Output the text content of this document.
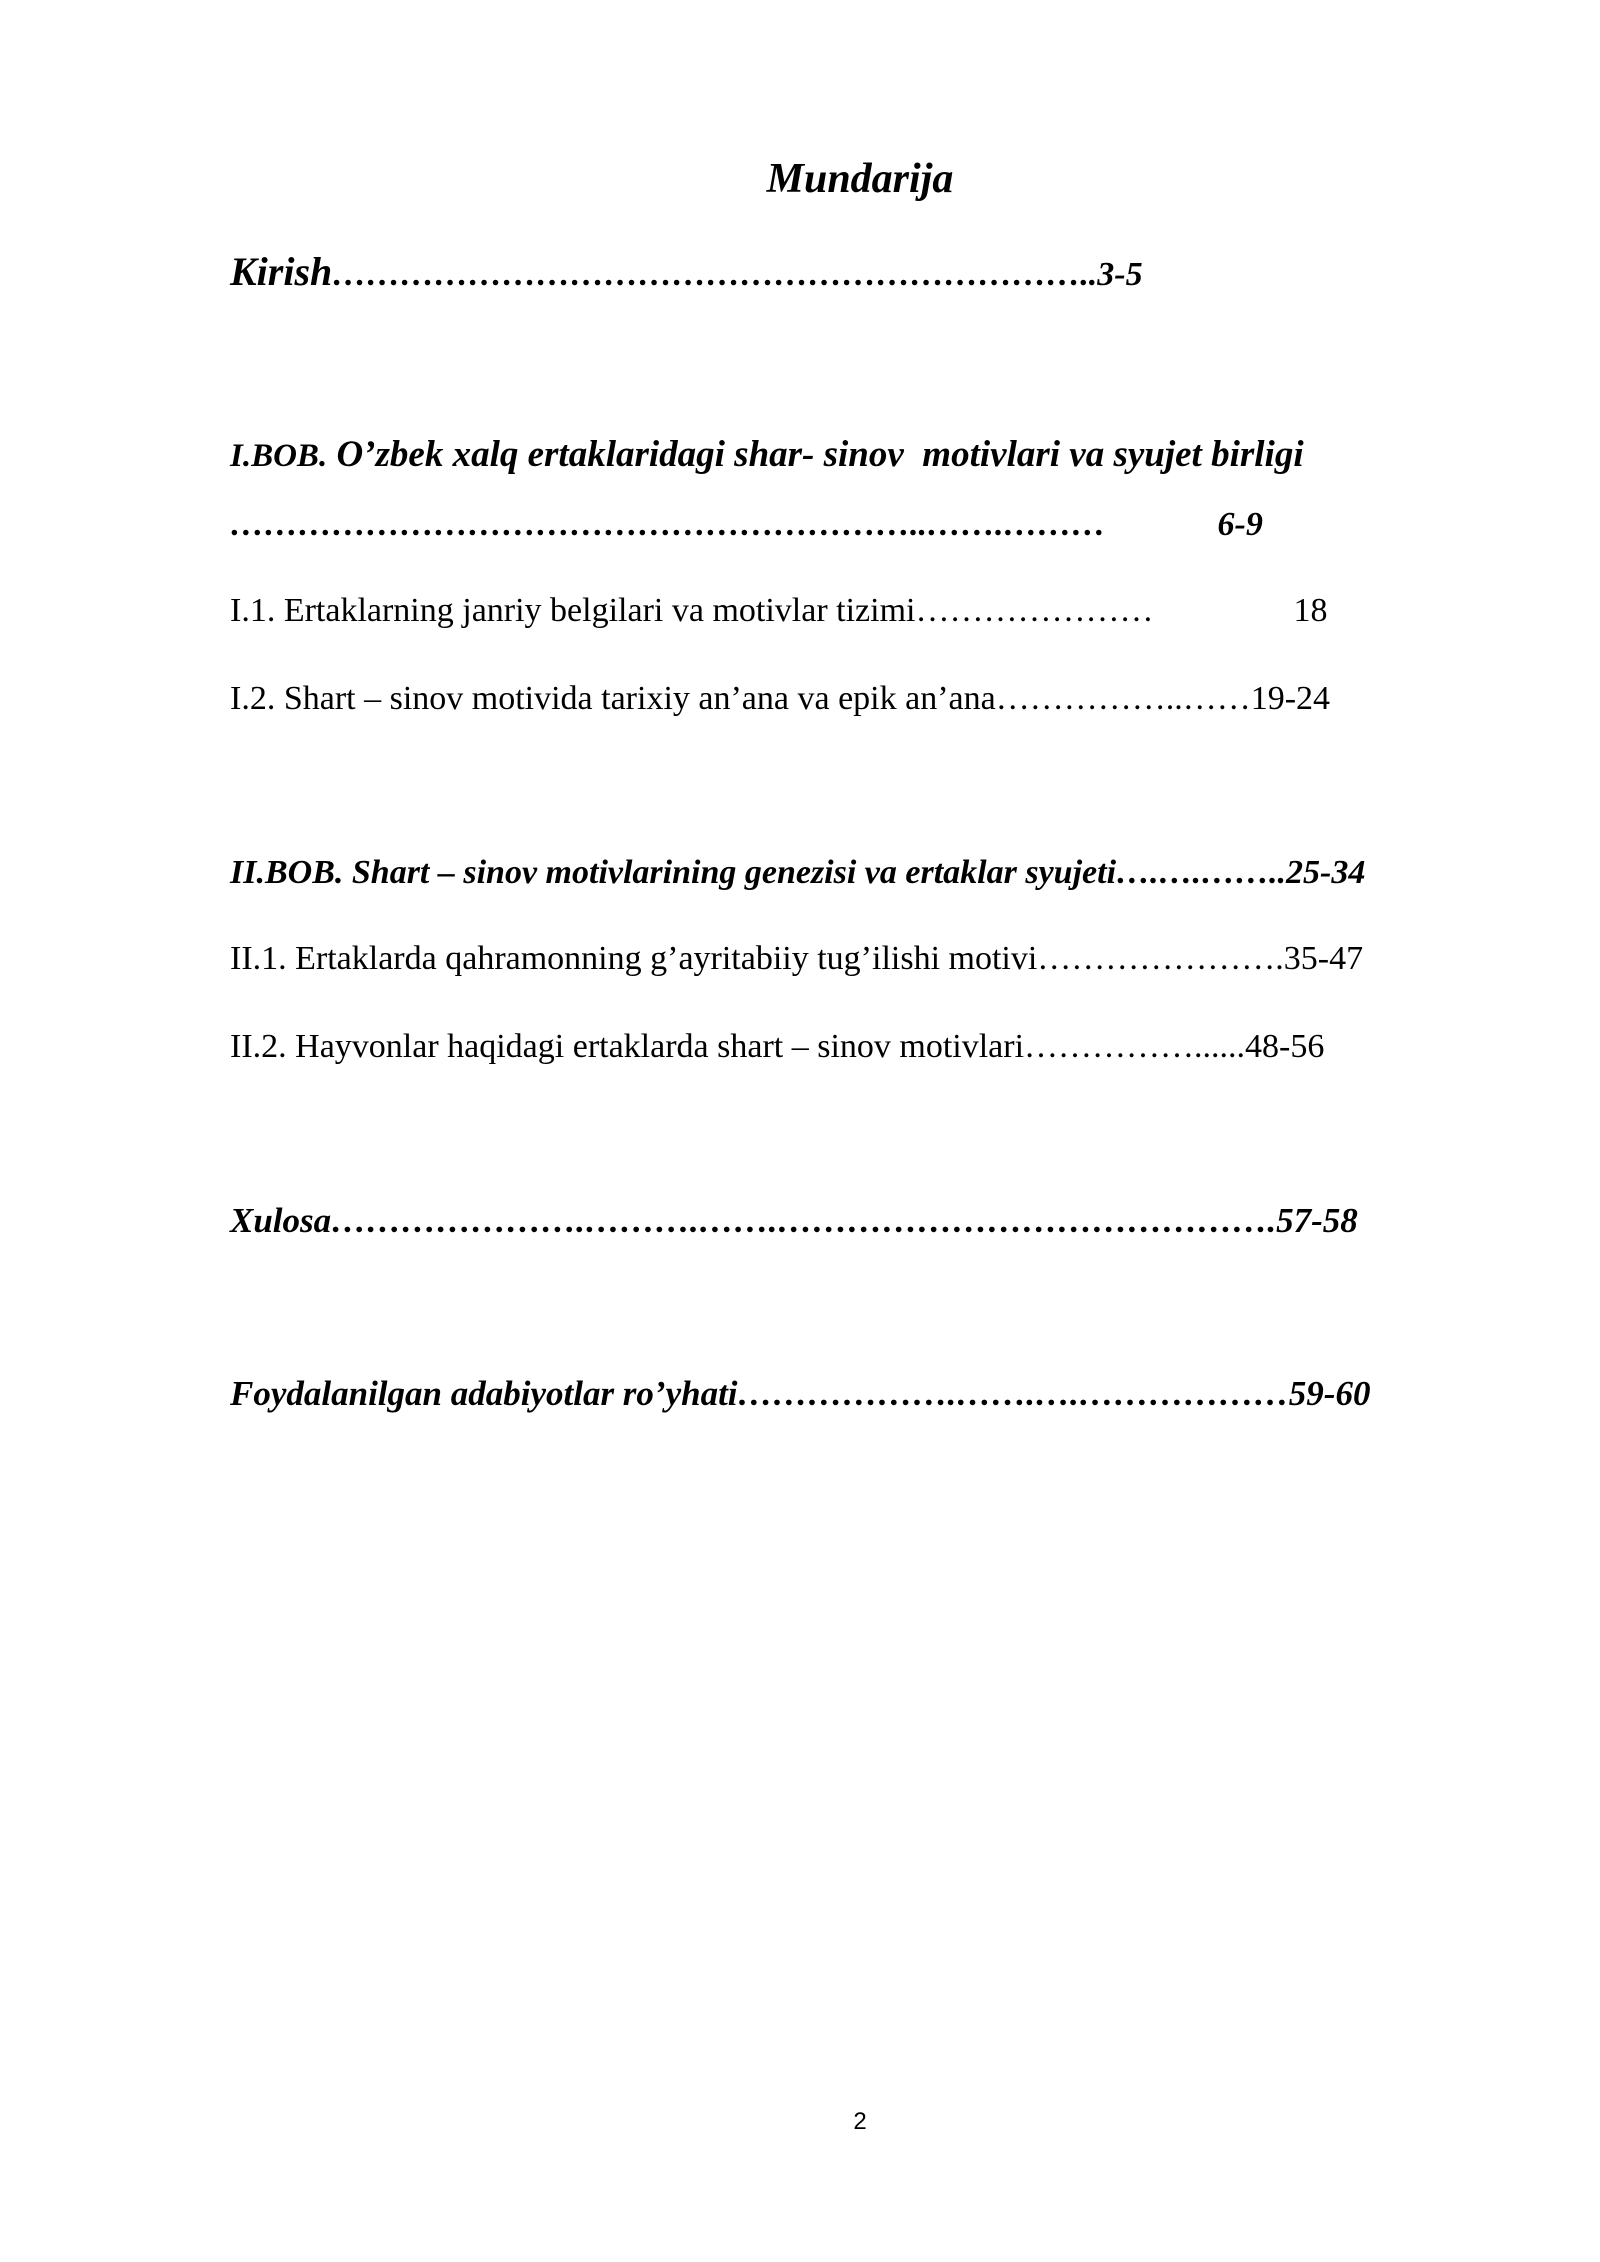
Mundarija
Kirish…………………………………………………………..3-5
I.BOB. O’zbek xalq ertaklaridagi shar- sinov  motivlari va syujet birligi
……………………………………………………..…….………	6-9
I.1. Ertaklarning janriy belgilari va motivlar tizimi…………………	18
I.2. Shart – sinov motivida tarixiy an’ana va epik an’ana……………..……19-24
II.BOB. Shart – sinov motivlarining genezisi va ertaklar syujeti….….……..25-34
II.1. Ertaklarda qahramonning g’ayritabiiy tug’ilishi motivi………………….35-47
II.2. Hayvonlar haqidagi ertaklarda shart – sinov motivlari……………......48-56
Xulosa………………….……….…….…………………………………….57-58
Foydalanilgan adabiyotlar ro’yhati……………….…….….………………59-60
2
